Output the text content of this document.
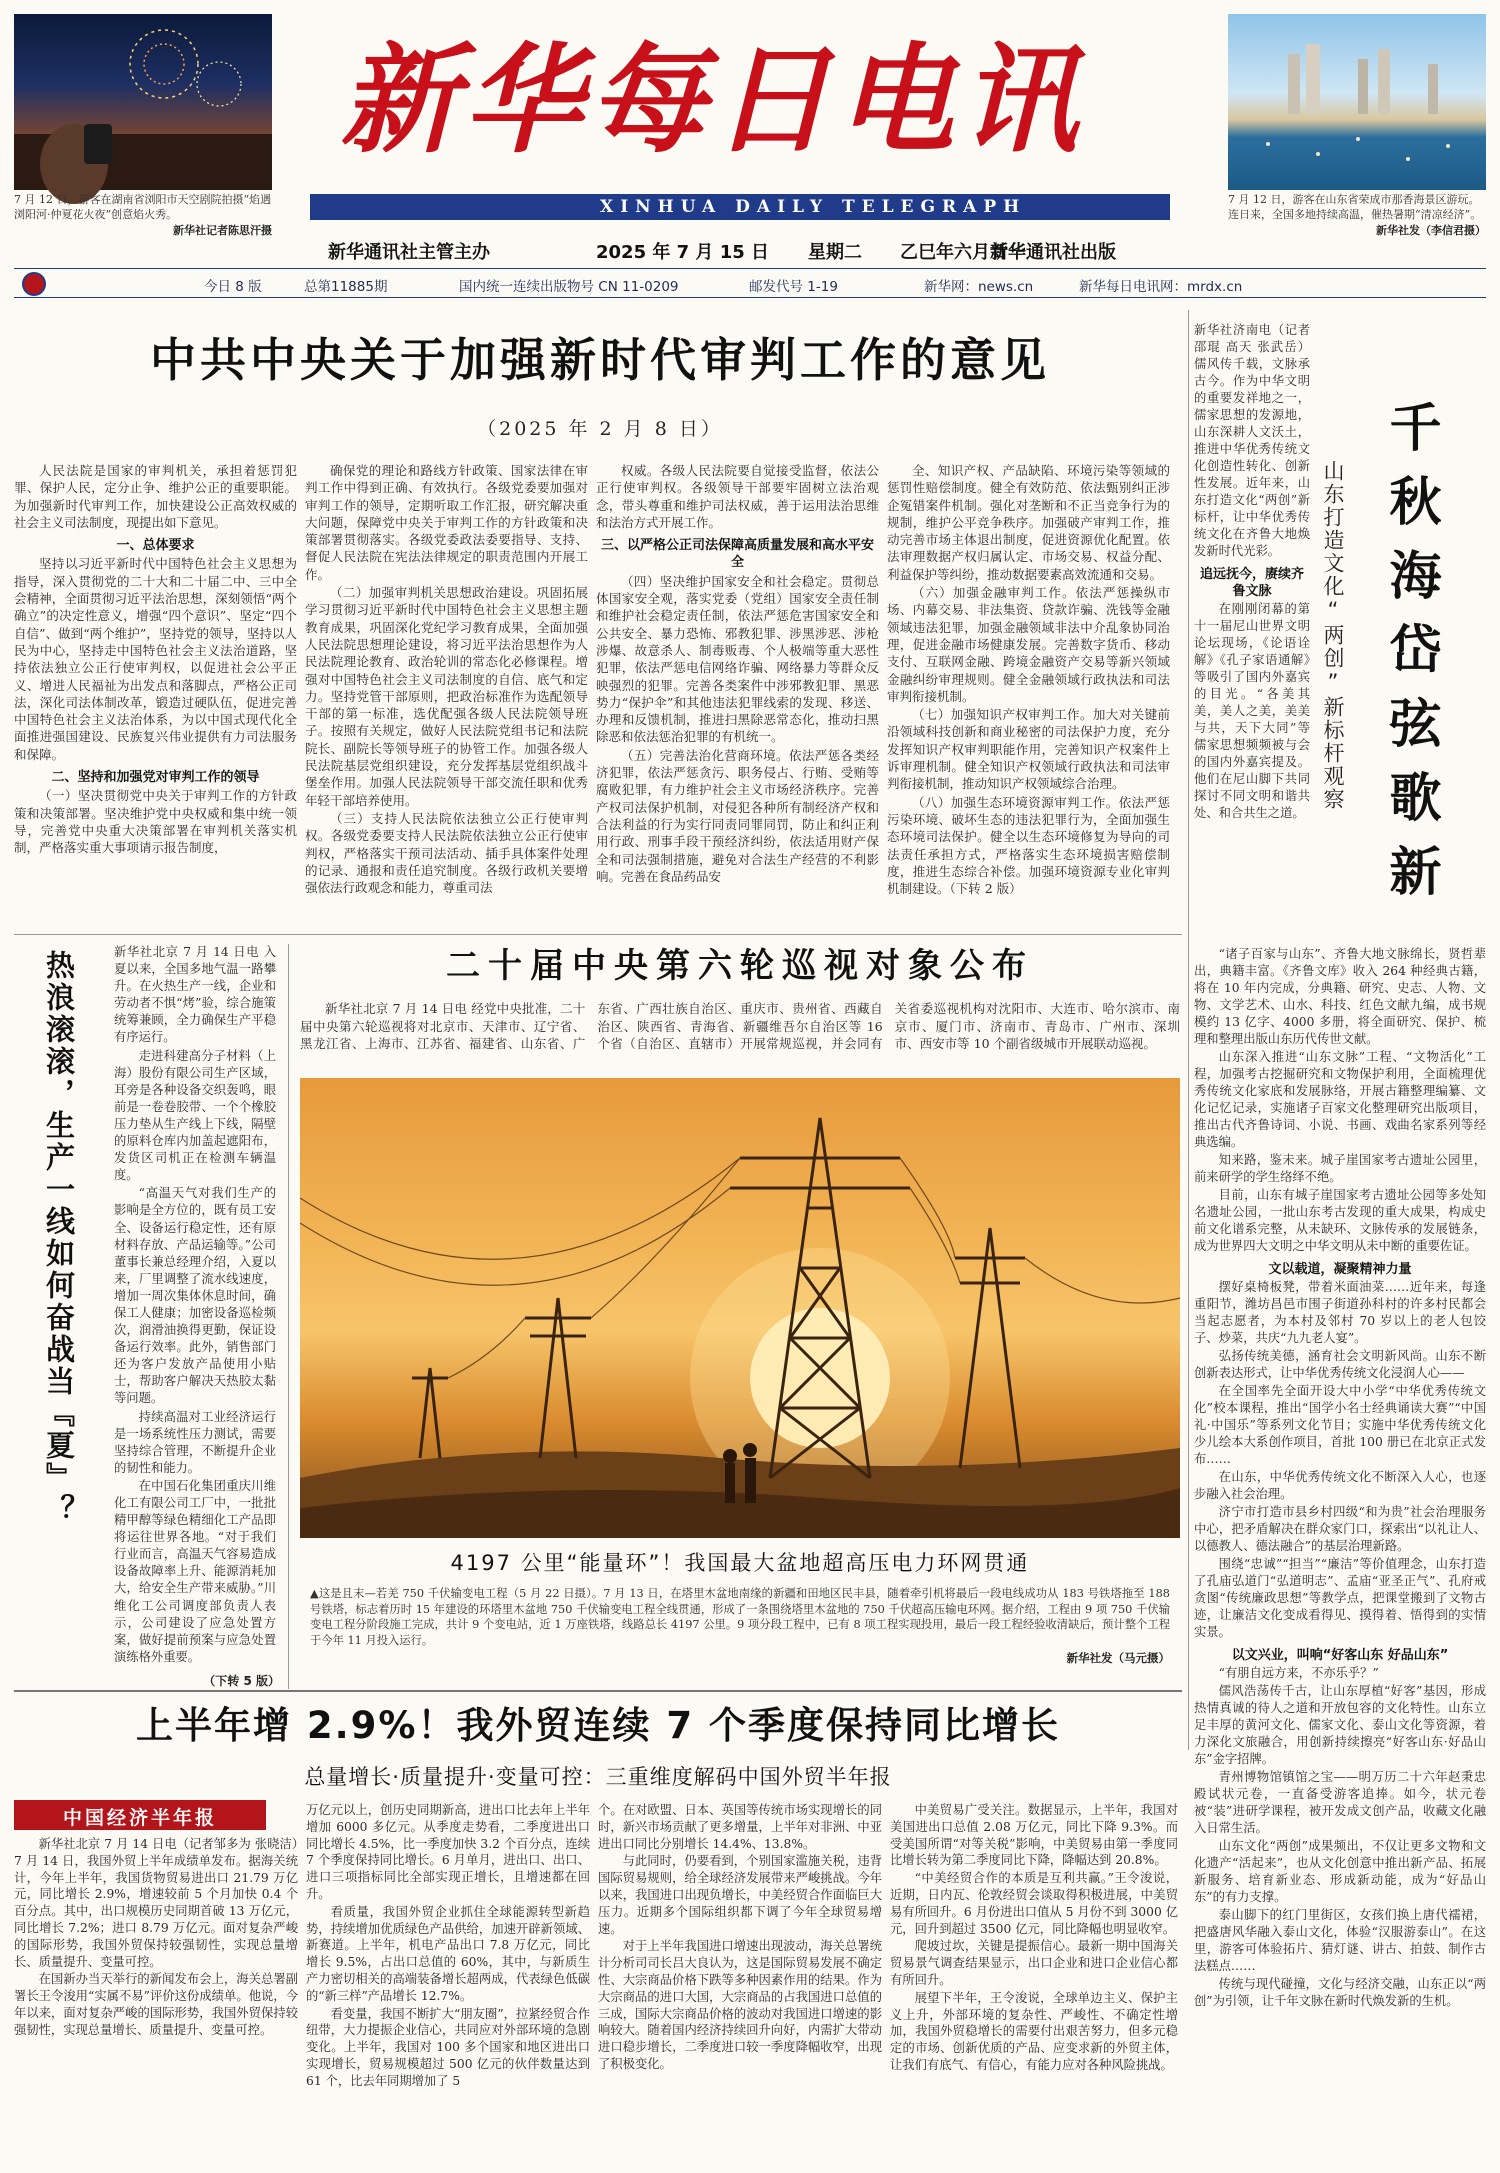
7 月 12 日，游客在湖南省浏阳市天空剧院拍摄“焰遇浏阳河·仲夏花火夜”创意焰火秀。
新华社记者陈思汗摄
7 月 12 日，游客在山东省荣成市那香海景区游玩。连日来，全国多地持续高温，催热暑期“清凉经济”。
新华社发（李信君摄）
新华每日电讯
XINHUA DAILY TELEGRAPH
新华通讯社主管主办	2025 年 7 月 15 日 星期二 乙巳年六月廿一
新华通讯社出版
今日 8 版	总第11885期	国内统一连续出版物号 CN 11-0209	邮发代号 1-19	新华网：news.cn	新华每日电讯网：mrdx.cn
中共中央关于加强新时代审判工作的意见
（2025 年 2 月 8 日）

人民法院是国家的审判机关，承担着惩罚犯罪、保护人民，定分止争、维护公正的重要职能。为加强新时代审判工作，加快建设公正高效权威的社会主义司法制度，现提出如下意见。

一、总体要求

坚持以习近平新时代中国特色社会主义思想为指导，深入贯彻党的二十大和二十届二中、三中全会精神，全面贯彻习近平法治思想，深刻领悟“两个确立”的决定性意义，增强“四个意识”、坚定“四个自信”、做到“两个维护”，坚持党的领导，坚持以人民为中心，坚持走中国特色社会主义法治道路，坚持依法独立公正行使审判权，以促进社会公平正义、增进人民福祉为出发点和落脚点，严格公正司法，深化司法体制改革，锻造过硬队伍，促进完善中国特色社会主义法治体系，为以中国式现代化全面推进强国建设、民族复兴伟业提供有力司法服务和保障。

二、坚持和加强党对审判工作的领导

（一）坚决贯彻党中央关于审判工作的方针政策和决策部署。坚决维护党中央权威和集中统一领导，完善党中央重大决策部署在审判机关落实机制，严格落实重大事项请示报告制度，

确保党的理论和路线方针政策、国家法律在审判工作中得到正确、有效执行。各级党委要加强对审判工作的领导，定期听取工作汇报，研究解决重大问题，保障党中央关于审判工作的方针政策和决策部署贯彻落实。各级党委政法委要指导、支持、督促人民法院在宪法法律规定的职责范围内开展工作。

（二）加强审判机关思想政治建设。巩固拓展学习贯彻习近平新时代中国特色社会主义思想主题教育成果，巩固深化党纪学习教育成果，全面加强人民法院思想理论建设，将习近平法治思想作为人民法院理论教育、政治轮训的常态化必修课程。增强对中国特色社会主义司法制度的自信、底气和定力。坚持党管干部原则，把政治标准作为选配领导干部的第一标准，选优配强各级人民法院领导班子。按照有关规定，做好人民法院党组书记和法院院长、副院长等领导班子的协管工作。加强各级人民法院基层党组织建设，充分发挥基层党组织战斗堡垒作用。加强人民法院领导干部交流任职和优秀年轻干部培养使用。

（三）支持人民法院依法独立公正行使审判权。各级党委要支持人民法院依法独立公正行使审判权，严格落实干预司法活动、插手具体案件处理的记录、通报和责任追究制度。各级行政机关要增强依法行政观念和能力，尊重司法

权威。各级人民法院要自觉接受监督，依法公正行使审判权。各级领导干部要牢固树立法治观念，带头尊重和维护司法权威，善于运用法治思维和法治方式开展工作。

三、以严格公正司法保障高质量发展和高水平安全

（四）坚决维护国家安全和社会稳定。贯彻总体国家安全观，落实党委（党组）国家安全责任制和维护社会稳定责任制，依法严惩危害国家安全和公共安全、暴力恐怖、邪教犯罪、涉黑涉恶、涉枪涉爆、故意杀人、制毒贩毒、个人极端等重大恶性犯罪，依法严惩电信网络诈骗、网络暴力等群众反映强烈的犯罪。完善各类案件中涉邪教犯罪、黑恶势力“保护伞”和其他违法犯罪线索的发现、移送、办理和反馈机制，推进扫黑除恶常态化，推动扫黑除恶和依法惩治犯罪的有机统一。

（五）完善法治化营商环境。依法严惩各类经济犯罪，依法严惩贪污、职务侵占、行贿、受贿等腐败犯罪，有力维护社会主义市场经济秩序。完善产权司法保护机制，对侵犯各种所有制经济产权和合法利益的行为实行同责同罪同罚，防止和纠正利用行政、刑事手段干预经济纠纷，依法适用财产保全和司法强制措施，避免对合法生产经营的不利影响。完善在食品药品安

全、知识产权、产品缺陷、环境污染等领域的惩罚性赔偿制度。健全有效防范、依法甄别纠正涉企冤错案件机制。强化对垄断和不正当竞争行为的规制，维护公平竞争秩序。加强破产审判工作，推动完善市场主体退出制度，促进资源优化配置。依法审理数据产权归属认定、市场交易、权益分配、利益保护等纠纷，推动数据要素高效流通和交易。

（六）加强金融审判工作。依法严惩操纵市场、内幕交易、非法集资、贷款诈骗、洗钱等金融领域违法犯罪，加强金融领域非法中介乱象协同治理，促进金融市场健康发展。完善数字货币、移动支付、互联网金融、跨境金融资产交易等新兴领域金融纠纷审理规则。健全金融领域行政执法和司法审判衔接机制。

（七）加强知识产权审判工作。加大对关键前沿领域科技创新和商业秘密的司法保护力度，充分发挥知识产权审判职能作用，完善知识产权案件上诉审理机制。健全知识产权领域行政执法和司法审判衔接机制，推动知识产权领域综合治理。

（八）加强生态环境资源审判工作。依法严惩污染环境、破坏生态的违法犯罪行为，全面加强生态环境司法保护。健全以生态环境修复为导向的司法责任承担方式，严格落实生态环境损害赔偿制度，推进生态综合补偿。加强环境资源专业化审判机制建设。（下转 2 版）	千秋海岱弦歌新
山东打造文化“两创”新标杆观察

新华社济南电（记者邵琨 高天 张武岳）儒风传千载，文脉承古今。作为中华文明的重要发祥地之一，儒家思想的发源地，山东深耕人文沃土，推进中华优秀传统文化创造性转化、创新性发展。近年来，山东打造文化“两创”新标杆，让中华优秀传统文化在齐鲁大地焕发新时代光彩。

追远抚今，赓续齐鲁文脉

在刚刚闭幕的第十一届尼山世界文明论坛现场，《论语诠解》《孔子家语通解》等吸引了国内外嘉宾的目光。“各美其美，美人之美，美美与共，天下大同”等儒家思想频频被与会的国内外嘉宾提及。他们在尼山脚下共同探讨不同文明和谐共处、和合共生之道。

“诸子百家与山东”、齐鲁大地文脉绵长，贤哲辈出，典籍丰富。《齐鲁文库》收入 264 种经典古籍，将在 10 年内完成，分典籍、研究、史志、人物、文物、文学艺术、山水、科技、红色文献九编，成书规模约 13 亿字、4000 多册，将全面研究、保护、梳理和整理出版山东历代传世文献。

山东深入推进“山东文脉”工程、“文物活化”工程，加强考古挖掘研究和文物保护利用，全面梳理优秀传统文化家底和发展脉络，开展古籍整理编纂、文化记忆记录，实施诸子百家文化整理研究出版项目，推出古代齐鲁诗词、小说、书画、戏曲名家系列等经典选编。

知来路，鉴未来。城子崖国家考古遗址公园里，前来研学的学生络绎不绝。

目前，山东有城子崖国家考古遗址公园等多处知名遗址公园，一批山东考古发现的重大成果，构成史前文化谱系完整，从未缺环、文脉传承的发展链条，成为世界四大文明之中华文明从未中断的重要佐证。

文以载道，凝聚精神力量

摆好桌椅板凳，带着米面油菜……近年来，每逢重阳节，潍坊昌邑市围子街道孙科村的许多村民都会当起志愿者，为本村及邻村 70 岁以上的老人包饺子、炒菜，共庆“九九老人宴”。

弘扬传统美德，涵育社会文明新风尚。山东不断创新表达形式，让中华优秀传统文化浸润人心——

在全国率先全面开设大中小学“中华优秀传统文化”校本课程，推出“国学小名士经典诵读大赛”“中国礼·中国乐”等系列文化节目；实施中华优秀传统文化少儿绘本大系创作项目，首批 100 册已在北京正式发布……

在山东，中华优秀传统文化不断深入人心，也逐步融入社会治理。

济宁市打造市县乡村四级“和为贵”社会治理服务中心，把矛盾解决在群众家门口，探索出“以礼让人、以德教人、德法融合”的基层治理新路。

围绕“忠诚”“担当”“廉洁”等价值理念，山东打造了孔庙弘道门“弘道明志”、孟庙“亚圣正气”、孔府戒贪图“传统廉政思想”等教学点，把课堂搬到了文物古迹，让廉洁文化变成看得见、摸得着、悟得到的实情实景。

以文兴业，叫响“好客山东 好品山东”

“有朋自远方来，不亦乐乎？”

儒风浩荡传千古，让山东厚植“好客”基因，形成热情真诚的待人之道和开放包容的文化特性。山东立足丰厚的黄河文化、儒家文化、泰山文化等资源，着力深化文旅融合，用创新持续擦亮“好客山东·好品山东”金字招牌。

青州博物馆镇馆之宝——明万历二十六年赵秉忠殿试状元卷，一直备受游客追捧。如今，状元卷被“装”进研学课程，被开发成文创产品，收藏文化融入日常生活。

山东文化“两创”成果频出，不仅让更多文物和文化遗产“活起来”，也从文化创意中推出新产品、拓展新服务、培育新业态、形成新动能，成为“好品山东”的有力支撑。

泰山脚下的红门里街区，女孩们换上唐代襦裙，把盛唐风华融入泰山文化，体验“汉服游泰山”。在这里，游客可体验拓片、猜灯谜、讲古、拍鼓、制作古法糕点……

传统与现代碰撞，文化与经济交融，山东正以“两创”为引领，让千年文脉在新时代焕发新的生机。

热浪滚滚，生产一线如何奋战当『夏』？	新华社北京 7 月 14 日电 入夏以来，全国多地气温一路攀升。在火热生产一线，企业和劳动者不惧“烤”验，综合施策统筹兼顾，全力确保生产平稳有序运行。

走进科建高分子材料（上海）股份有限公司生产区域，耳旁是各种设备交织轰鸣，眼前是一卷卷胶带、一个个橡胶压力垫从生产线上下线，隔壁的原料仓库内加盖起遮阳布，发货区司机正在检测车辆温度。

“高温天气对我们生产的影响是全方位的，既有员工安全、设备运行稳定性，还有原材料存放、产品运输等。”公司董事长兼总经理介绍，入夏以来，厂里调整了流水线速度，增加一周次集体休息时间，确保工人健康；加密设备巡检频次，润滑油换得更勤，保证设备运行效率。此外，销售部门还为客户发放产品使用小贴士，帮助客户解决天热胶太黏等问题。

持续高温对工业经济运行是一场系统性压力测试，需要坚持综合管理，不断提升企业的韧性和能力。

在中国石化集团重庆川维化工有限公司工厂中，一批批精甲醇等绿色精细化工产品即将运往世界各地。“对于我们行业而言，高温天气容易造成设备故障率上升、能源消耗加大，给安全生产带来威胁。”川维化工公司调度部负责人表示，公司建设了应急处置方案，做好提前预案与应急处置演练格外重要。

（下转 5 版）
二十届中央第六轮巡视对象公布

新华社北京 7 月 14 日电 经党中央批准，二十届中央第六轮巡视将对北京市、天津市、辽宁省、黑龙江省、上海市、江苏省、福建省、山东省、广东省、广西壮族自治区、重庆市、贵州省、西藏自治区、陕西省、青海省、新疆维吾尔自治区等 16 个省（自治区、直辖市）开展常规巡视，并会同有关省委巡视机构对沈阳市、大连市、哈尔滨市、南京市、厦门市、济南市、青岛市、广州市、深圳市、西安市等 10 个副省级城市开展联动巡视。

4197 公里“能量环”！我国最大盆地超高压电力环网贯通
▲这是且末—若羌 750 千伏输变电工程（5 月 22 日摄）。7 月 13 日，在塔里木盆地南缘的新疆和田地区民丰县，随着牵引机将最后一段电线成功从 183 号铁塔拖至 188 号铁塔，标志着历时 15 年建设的环塔里木盆地 750 千伏输变电工程全线贯通，形成了一条围绕塔里木盆地的 750 千伏超高压输电环网。据介绍，工程由 9 项 750 千伏输变电工程分阶段施工完成，共计 9 个变电站，近 1 万座铁塔，线路总长 4197 公里。9 项分段工程中，已有 8 项工程实现投用，最后一段工程经验收清缺后，预计整个工程于今年 11 月投入运行。
新华社发（马元摄）
上半年增 2.9%！我外贸连续 7 个季度保持同比增长
总量增长·质量提升·变量可控：三重维度解码中国外贸半年报
中国经济半年报

新华社北京 7 月 14 日电（记者邹多为 张晓洁）7 月 14 日，我国外贸上半年成绩单发布。据海关统计，今年上半年，我国货物贸易进出口 21.79 万亿元，同比增长 2.9%，增速较前 5 个月加快 0.4 个百分点。其中，出口规模历史同期首破 13 万亿元，同比增长 7.2%；进口 8.79 万亿元。面对复杂严峻的国际形势，我国外贸保持较强韧性，实现总量增长、质量提升、变量可控。

在国新办当天举行的新闻发布会上，海关总署副署长王令浚用“实属不易”评价这份成绩单。他说，今年以来，面对复杂严峻的国际形势，我国外贸保持较强韧性，实现总量增长、质量提升、变量可控。

万亿元以上，创历史同期新高，进出口比去年上半年增加 6000 多亿元。从季度走势看，二季度进出口同比增长 4.5%，比一季度加快 3.2 个百分点，连续 7 个季度保持同比增长。6 月单月，进出口、出口、进口三项指标同比全部实现正增长，且增速都在回升。

看质量，我国外贸企业抓住全球能源转型新趋势，持续增加优质绿色产品供给，加速开辟新领域、新赛道。上半年，机电产品出口 7.8 万亿元，同比增长 9.5%，占出口总值的 60%，其中，与新质生产力密切相关的高端装备增长超两成，代表绿色低碳的“新三样”产品增长 12.7%。

看变量，我国不断扩大“朋友圈”，拉紧经贸合作纽带，大力提振企业信心，共同应对外部环境的急剧变化。上半年，我国对 100 多个国家和地区进出口实现增长，贸易规模超过 500 亿元的伙伴数量达到 61 个，比去年同期增加了 5

个。在对欧盟、日本、英国等传统市场实现增长的同时，新兴市场贡献了更多增量，上半年对非洲、中亚进出口同比分别增长 14.4%、13.8%。

与此同时，仍要看到，个别国家滥施关税，违背国际贸易规则，给全球经济发展带来严峻挑战。今年以来，我国进口出现负增长，中美经贸合作面临巨大压力。近期多个国际组织都下调了今年全球贸易增速。

对于上半年我国进口增速出现波动，海关总署统计分析司司长吕大良认为，这是国际贸易发展不确定性、大宗商品价格下跌等多种因素作用的结果。作为大宗商品的进口大国，大宗商品的占我国进口总值的三成，国际大宗商品价格的波动对我国进口增速的影响较大。随着国内经济持续回升向好，内需扩大带动进口稳步增长，二季度进口较一季度降幅收窄，出现了积极变化。

中美贸易广受关注。数据显示，上半年，我国对美国进出口总值 2.08 万亿元，同比下降 9.3%。而受美国所谓“对等关税”影响，中美贸易由第一季度同比增长转为第二季度同比下降，降幅达到 20.8%。

“中美经贸合作的本质是互利共赢。”王令浚说，近期，日内瓦、伦敦经贸会谈取得积极进展，中美贸易有所回升。6 月份进出口值从 5 月份不到 3000 亿元，回升到超过 3500 亿元，同比降幅也明显收窄。

爬坡过坎，关键是提振信心。最新一期中国海关贸易景气调查结果显示，出口企业和进口企业信心都有所回升。

展望下半年，王令浚说，全球单边主义、保护主义上升，外部环境的复杂性、严峻性、不确定性增加，我国外贸稳增长的需要付出艰苦努力，但多元稳定的市场、创新优质的产品、应变求新的外贸主体，让我们有底气、有信心，有能力应对各种风险挑战。
